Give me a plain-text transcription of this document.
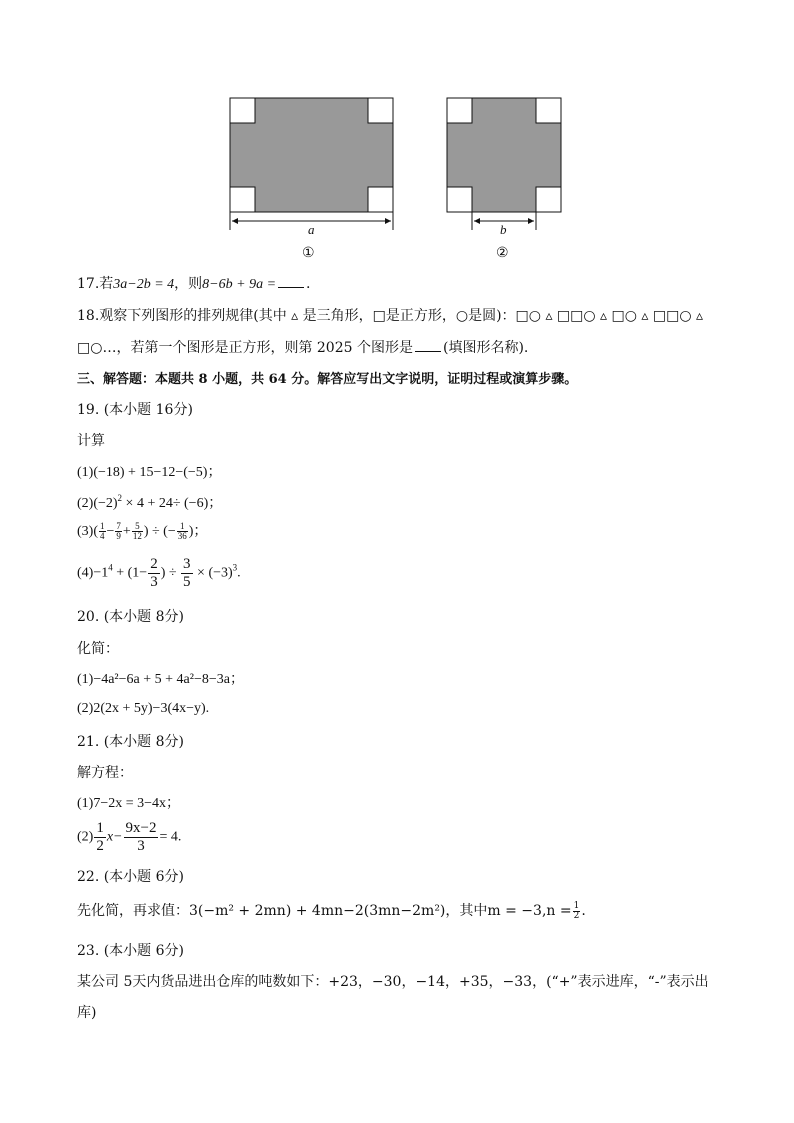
a	b
①	②
17.若3a−2b = 4，则8−6b + 9a = .
18.观察下列图形的排列规律(其中 ▵ 是三角形，□是正方形，○是圆)：□○ ▵ □□○ ▵ □○ ▵ □□○ ▵
□○…，若第一个图形是正方形，则第 2025 个图形是 (填图形名称).
三、解答题：本题共 8 小题，共 64 分。解答应写出文字说明，证明过程或演算步骤。
19. (本小题 16分)
计算
(1)(−18) + 15−12−(−5)；
$(2)(-2)^2 \times 4 + 24\div (-6)$；
$(3)( \frac{1}{4} - \frac{7}{9} + \frac{5}{12}$ ) ÷ (− $\frac{1}{36}$ )；
$(4)-1^4 + (1- \frac{2}{3}$ ) ÷ $\frac{3}{5} \times (-3)^3$.
20. (本小题 8分)
化简：
(1)−4a²−6a + 5 + 4a²−8−3a；
(2)2(2x + 5y)−3(4x−y).
21. (本小题 8分)
解方程：
(1)7−2x = 3−4x；
$(2) \frac{1}{2} x- \frac{9x-2}{3} = 4$.
22. (本小题 6分)
先化简，再求值：3(−m² + 2mn) + 4mn−2(3mn−2m²)，其中$m = -3,n = \frac{1}{2}$ .
23. (本小题 6分)
某公司 5天内货品进出仓库的吨数如下：+23，−30，−14，+35，−33，(“+”表示进库，“-”表示出
库)
